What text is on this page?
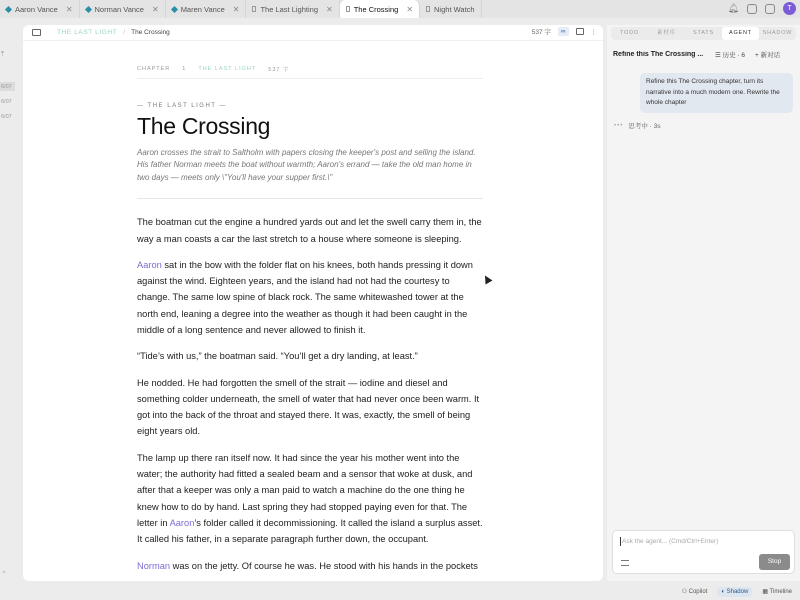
Aaron Vance ✕	Norman Vance ✕	Maren Vance ✕	The Last Lighting ✕	The Crossing ✕	Night Watch	🔔︎	T
⤒
6/07
6/07
6/07
⌃
THE LAST LIGHT / The Crossing	537 字	∞	⋮
CHAPTER 1 THE LAST LIGHT 537 字
— THE LAST LIGHT —
The Crossing

Aaron crosses the strait to Saltholm with papers closing the keeper's post and selling the island. His father Norman meets the boat without warmth; Aaron's errand — take the old man home in two days — meets only \"You'll have your supper first.\"

The boatman cut the engine a hundred yards out and let the swell carry them in, the way a man coasts a car the last stretch to a house where someone is sleeping.

Aaron sat in the bow with the folder flat on his knees, both hands pressing it down against the wind. Eighteen years, and the island had not had the courtesy to change. The same low spine of black rock. The same whitewashed tower at the north end, leaning a degree into the weather as though it had been caught in the middle of a long sentence and never allowed to finish it.

“Tide’s with us,” the boatman said. “You’ll get a dry landing, at least.”

He nodded. He had forgotten the smell of the strait — iodine and diesel and something colder underneath, the smell of water that had never once been warm. It got into the back of the throat and stayed there. It was, exactly, the smell of being eight years old.

The lamp up there ran itself now. It had since the year his mother went into the water; the authority had fitted a sealed beam and a sensor that woke at dusk, and after that a keeper was only a man paid to watch a machine do the one thing he knew how to do by hand. Last spring they had stopped paying even for that. The letter in Aaron’s folder called it decommissioning. It called the island a surplus asset. It called his father, in a separate paragraph further down, the occupant.

Norman was on the jetty. Of course he was. He stood with his hands in the pockets

TODO	素材库	STATS	AGENT	SHADOW
Refine this The Crossing ... ☰ 历史 · 6 + 新对话
Refine this The Crossing chapter, turn its narrative into a much modern one. Rewrite the whole chapter
••• 思考中 · 3s
Ask the agent... (Cmd/Ctrl+Enter)
Stop
⚇ Copilot	◐ Shadow	▦ Timeline
